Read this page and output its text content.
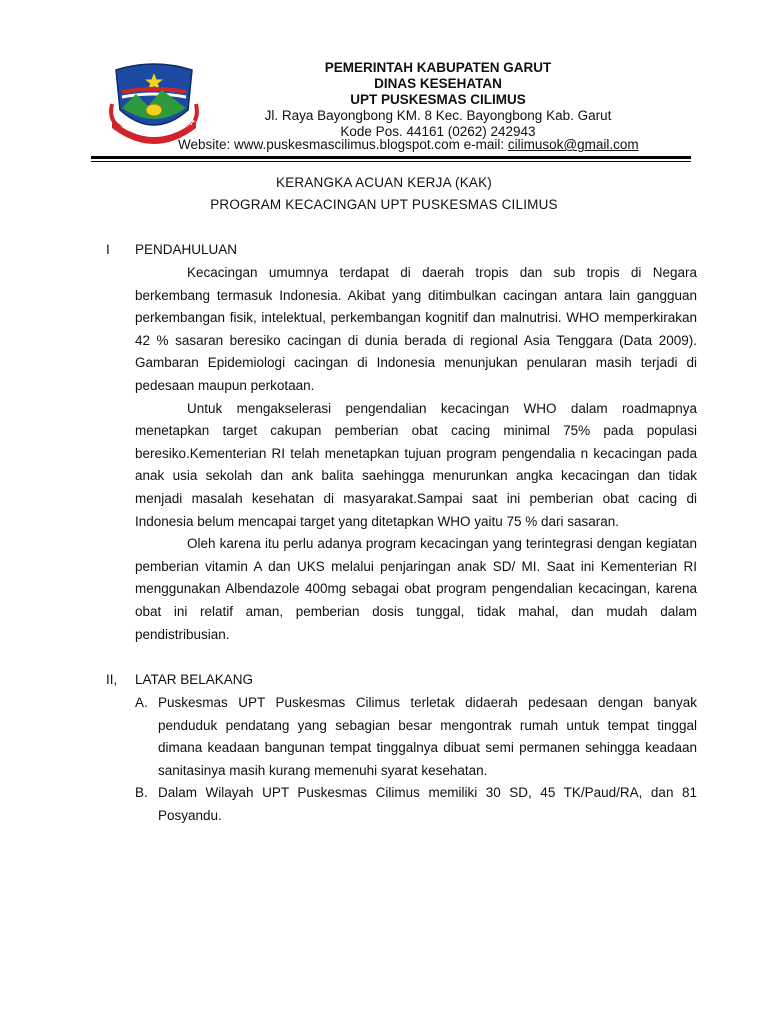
TATA TENTREM KERTA RAHARJA
PEMERINTAH KABUPATEN GARUT
DINAS KESEHATAN
UPT PUSKESMAS CILIMUS
Jl. Raya Bayongbong KM. 8 Kec. Bayongbong Kab. Garut
Kode Pos. 44161 (0262) 242943
Website: www.puskesmascilimus.blogspot.com e-mail: cilimusok@gmail.com
KERANGKA ACUAN KERJA (KAK)
PROGRAM KECACINGAN UPT PUSKESMAS CILIMUS
I PENDAHULUAN

Kecacingan umumnya terdapat di daerah tropis dan sub tropis di Negara berkembang termasuk Indonesia. Akibat yang ditimbulkan cacingan antara lain gangguan perkembangan fisik, intelektual, perkembangan kognitif dan malnutrisi. WHO memperkirakan 42 % sasaran beresiko cacingan di dunia berada di regional Asia Tenggara (Data 2009). Gambaran Epidemiologi cacingan di Indonesia menunjukan penularan masih terjadi di pedesaan maupun perkotaan.

Untuk mengakselerasi pengendalian kecacingan WHO dalam roadmapnya menetapkan target cakupan pemberian obat cacing minimal 75% pada populasi beresiko.Kementerian RI telah menetapkan tujuan program pengendalia n kecacingan pada anak usia sekolah dan ank balita saehingga menurunkan angka kecacingan dan tidak menjadi masalah kesehatan di masyarakat.Sampai saat ini pemberian obat cacing di Indonesia belum mencapai target yang ditetapkan WHO yaitu 75 % dari sasaran.

Oleh karena itu perlu adanya program kecacingan yang terintegrasi dengan kegiatan pemberian vitamin A dan UKS melalui penjaringan anak SD/ MI. Saat ini Kementerian RI menggunakan Albendazole 400mg sebagai obat program pengendalian kecacingan, karena obat ini relatif aman, pemberian dosis tunggal, tidak mahal, dan mudah dalam pendistribusian.

II, LATAR BELAKANG
A. Puskesmas UPT Puskesmas Cilimus terletak didaerah pedesaan dengan banyak penduduk pendatang yang sebagian besar mengontrak rumah untuk tempat tinggal dimana keadaan bangunan tempat tinggalnya dibuat semi permanen sehingga keadaan sanitasinya masih kurang memenuhi syarat kesehatan.
B. Dalam Wilayah UPT Puskesmas Cilimus memiliki 30 SD, 45 TK/Paud/RA, dan 81 Posyandu.
